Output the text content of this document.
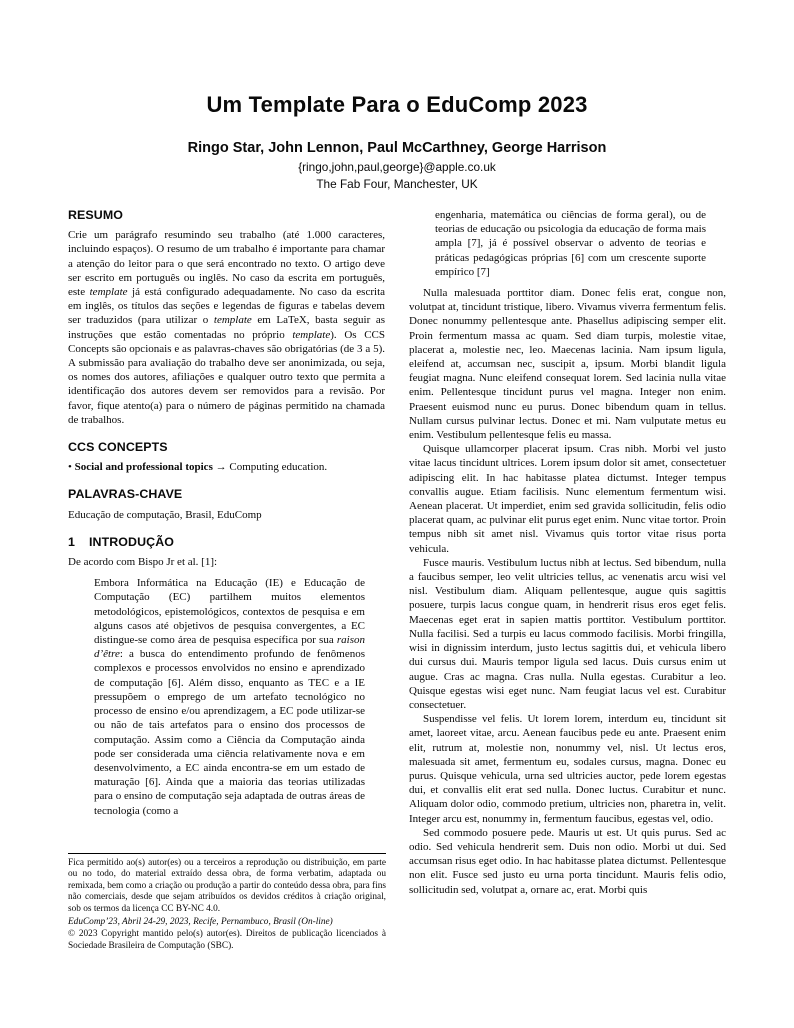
Um Template Para o EduComp 2023
Ringo Star, John Lennon, Paul McCarthney, George Harrison
{ringo,john,paul,george}@apple.co.uk
The Fab Four, Manchester, UK
RESUMO

Crie um parágrafo resumindo seu trabalho (até 1.000 caracteres, incluindo espaços). O resumo de um trabalho é importante para chamar a atenção do leitor para o que será encontrado no texto. O artigo deve ser escrito em português ou inglês. No caso da escrita em português, este template já está configurado adequadamente. No caso da escrita em inglês, os títulos das seções e legendas de figuras e tabelas devem ser traduzidos (para utilizar o template em LaTeX, basta seguir as instruções que estão comentadas no próprio template). Os CCS Concepts são opcionais e as palavras-chaves são obrigatórias (de 3 a 5). A submissão para avaliação do trabalho deve ser anonimizada, ou seja, os nomes dos autores, afiliações e qualquer outro texto que permita a identificação dos autores devem ser removidos para a revisão. Por favor, fique atento(a) para o número de páginas permitido na chamada de trabalhos.

CCS CONCEPTS

• Social and professional topics → Computing education.

PALAVRAS-CHAVE

Educação de computação, Brasil, EduComp

1 INTRODUÇÃO

De acordo com Bispo Jr et al. [1]:

Embora Informática na Educação (IE) e Educação de Computação (EC) partilhem muitos elementos metodológicos, epistemológicos, contextos de pesquisa e em alguns casos até objetivos de pesquisa convergentes, a EC distingue-se como área de pesquisa específica por sua raison d’être: a busca do entendimento profundo de fenômenos complexos e processos envolvidos no ensino e aprendizado de computação [6]. Além disso, enquanto as TEC e a IE pressupõem o emprego de um artefato tecnológico no processo de ensino e/ou aprendizagem, a EC pode utilizar-se ou não de tais artefatos para o ensino dos processos de computação. Assim como a Ciência da Computação ainda pode ser considerada uma ciência relativamente nova e em desenvolvimento, a EC ainda encontra-se em um estado de maturação [6]. Ainda que a maioria das teorias utilizadas para o ensino de computação seja adaptada de outras áreas de tecnologia (como a
engenharia, matemática ou ciências de forma geral), ou de teorias de educação ou psicologia da educação de forma mais ampla [7], já é possível observar o advento de teorias e práticas pedagógicas próprias [6] com um crescente suporte empírico [7]

Nulla malesuada porttitor diam. Donec felis erat, congue non, volutpat at, tincidunt tristique, libero. Vivamus viverra fermentum felis. Donec nonummy pellentesque ante. Phasellus adipiscing semper elit. Proin fermentum massa ac quam. Sed diam turpis, molestie vitae, placerat a, molestie nec, leo. Maecenas lacinia. Nam ipsum ligula, eleifend at, accumsan nec, suscipit a, ipsum. Morbi blandit ligula feugiat magna. Nunc eleifend consequat lorem. Sed lacinia nulla vitae enim. Pellentesque tincidunt purus vel magna. Integer non enim. Praesent euismod nunc eu purus. Donec bibendum quam in tellus. Nullam cursus pulvinar lectus. Donec et mi. Nam vulputate metus eu enim. Vestibulum pellentesque felis eu massa.

Quisque ullamcorper placerat ipsum. Cras nibh. Morbi vel justo vitae lacus tincidunt ultrices. Lorem ipsum dolor sit amet, consectetuer adipiscing elit. In hac habitasse platea dictumst. Integer tempus convallis augue. Etiam facilisis. Nunc elementum fermentum wisi. Aenean placerat. Ut imperdiet, enim sed gravida sollicitudin, felis odio placerat quam, ac pulvinar elit purus eget enim. Nunc vitae tortor. Proin tempus nibh sit amet nisl. Vivamus quis tortor vitae risus porta vehicula.

Fusce mauris. Vestibulum luctus nibh at lectus. Sed bibendum, nulla a faucibus semper, leo velit ultricies tellus, ac venenatis arcu wisi vel nisl. Vestibulum diam. Aliquam pellentesque, augue quis sagittis posuere, turpis lacus congue quam, in hendrerit risus eros eget felis. Maecenas eget erat in sapien mattis porttitor. Vestibulum porttitor. Nulla facilisi. Sed a turpis eu lacus commodo facilisis. Morbi fringilla, wisi in dignissim interdum, justo lectus sagittis dui, et vehicula libero dui cursus dui. Mauris tempor ligula sed lacus. Duis cursus enim ut augue. Cras ac magna. Cras nulla. Nulla egestas. Curabitur a leo. Quisque egestas wisi eget nunc. Nam feugiat lacus vel est. Curabitur consectetuer.

Suspendisse vel felis. Ut lorem lorem, interdum eu, tincidunt sit amet, laoreet vitae, arcu. Aenean faucibus pede eu ante. Praesent enim elit, rutrum at, molestie non, nonummy vel, nisl. Ut lectus eros, malesuada sit amet, fermentum eu, sodales cursus, magna. Donec eu purus. Quisque vehicula, urna sed ultricies auctor, pede lorem egestas dui, et convallis elit erat sed nulla. Donec luctus. Curabitur et nunc. Aliquam dolor odio, commodo pretium, ultricies non, pharetra in, velit. Integer arcu est, nonummy in, fermentum faucibus, egestas vel, odio.

Sed commodo posuere pede. Mauris ut est. Ut quis purus. Sed ac odio. Sed vehicula hendrerit sem. Duis non odio. Morbi ut dui. Sed accumsan risus eget odio. In hac habitasse platea dictumst. Pellentesque non elit. Fusce sed justo eu urna porta tincidunt. Mauris felis odio, sollicitudin sed, volutpat a, ornare ac, erat. Morbi quis

Fica permitido ao(s) autor(es) ou a terceiros a reprodução ou distribuição, em parte ou no todo, do material extraído dessa obra, de forma verbatim, adaptada ou remixada, bem como a criação ou produção a partir do conteúdo dessa obra, para fins não comerciais, desde que sejam atribuídos os devidos créditos à criação original, sob os termos da licença CC BY-NC 4.0.

EduComp’23, Abril 24-29, 2023, Recife, Pernambuco, Brasil (On-line)

© 2023 Copyright mantido pelo(s) autor(es). Direitos de publicação licenciados à Sociedade Brasileira de Computação (SBC).
